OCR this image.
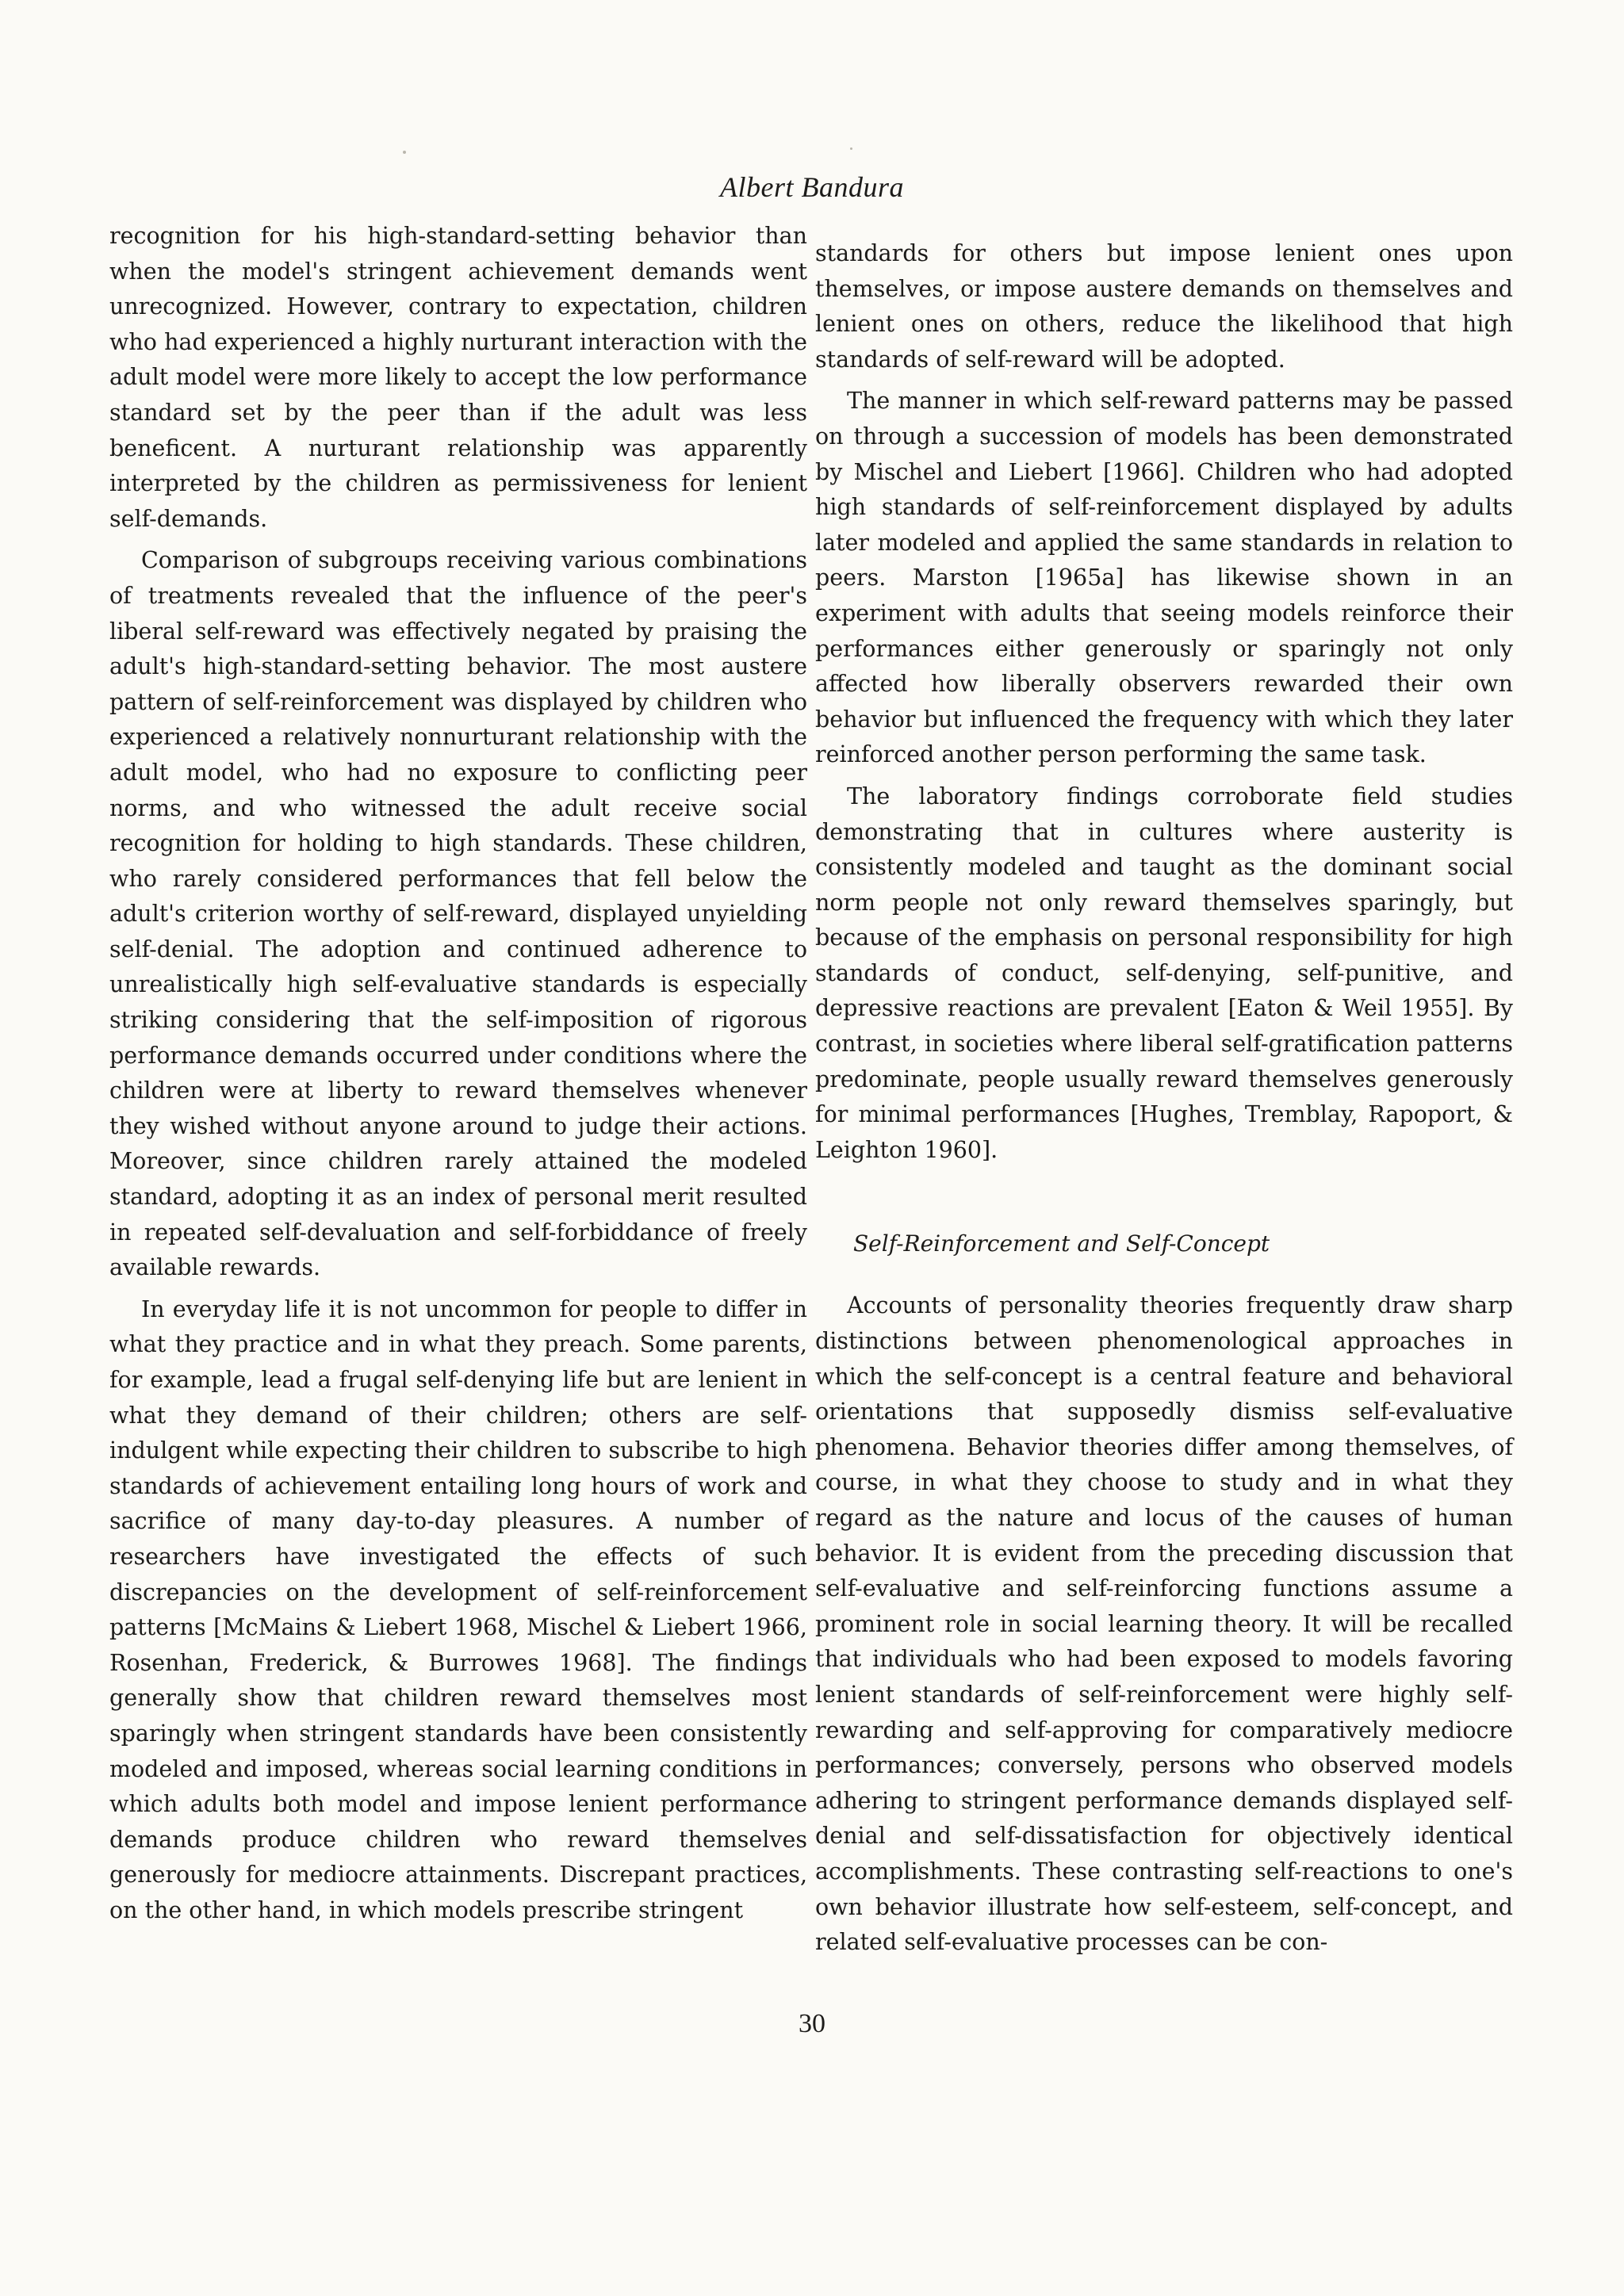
Albert Bandura

recognition for his high-standard-setting behavior than when the model's stringent achievement demands went unrecognized. However, contrary to expectation, children who had experienced a highly nurturant interaction with the adult model were more likely to accept the low performance standard set by the peer than if the adult was less beneficent. A nurturant relationship was apparently interpreted by the children as permissiveness for lenient self-demands.

Comparison of subgroups receiving various combinations of treatments revealed that the influence of the peer's liberal self-reward was effectively negated by praising the adult's high-standard-setting behavior. The most austere pattern of self-reinforcement was displayed by children who experienced a relatively nonnurturant relationship with the adult model, who had no exposure to conflicting peer norms, and who witnessed the adult receive social recognition for holding to high standards. These children, who rarely considered performances that fell below the adult's criterion worthy of self-reward, displayed unyielding self-denial. The adoption and continued adherence to unrealistically high self-evaluative standards is especially striking considering that the self-imposition of rigorous performance demands occurred under conditions where the children were at liberty to reward themselves whenever they wished without anyone around to judge their actions. Moreover, since children rarely attained the modeled standard, adopting it as an index of personal merit resulted in repeated self-devaluation and self-forbiddance of freely available rewards.

In everyday life it is not uncommon for people to differ in what they practice and in what they preach. Some parents, for example, lead a frugal self-denying life but are lenient in what they demand of their children; others are self-indulgent while expecting their children to subscribe to high standards of achievement entailing long hours of work and sacrifice of many day-to-day pleasures. A number of researchers have investigated the effects of such discrepancies on the development of self-reinforcement patterns [McMains & Liebert 1968, Mischel & Liebert 1966, Rosenhan, Frederick, & Burrowes 1968]. The findings generally show that children reward themselves most sparingly when stringent standards have been consistently modeled and imposed, whereas social learning conditions in which adults both model and impose lenient performance demands produce children who reward themselves generously for mediocre attainments. Discrepant practices, on the other hand, in which models prescribe stringent

standards for others but impose lenient ones upon themselves, or impose austere demands on themselves and lenient ones on others, reduce the likelihood that high standards of self-reward will be adopted.

The manner in which self-reward patterns may be passed on through a succession of models has been demonstrated by Mischel and Liebert [1966]. Children who had adopted high standards of self-reinforcement displayed by adults later modeled and applied the same standards in relation to peers. Marston [1965a] has likewise shown in an experiment with adults that seeing models reinforce their performances either generously or sparingly not only affected how liberally observers rewarded their own behavior but influenced the frequency with which they later reinforced another person performing the same task.

The laboratory findings corroborate field studies demonstrating that in cultures where austerity is consistently modeled and taught as the dominant social norm people not only reward themselves sparingly, but because of the emphasis on personal responsibility for high standards of conduct, self-denying, self-punitive, and depressive reactions are prevalent [Eaton & Weil 1955]. By contrast, in societies where liberal self-gratification patterns predominate, people usually reward themselves generously for minimal performances [Hughes, Tremblay, Rapoport, & Leighton 1960].

Self-Reinforcement and Self-Concept

Accounts of personality theories frequently draw sharp distinctions between phenomenological approaches in which the self-concept is a central feature and behavioral orientations that supposedly dismiss self-evaluative phenomena. Behavior theories differ among themselves, of course, in what they choose to study and in what they regard as the nature and locus of the causes of human behavior. It is evident from the preceding discussion that self-evaluative and self-reinforcing functions assume a prominent role in social learning theory. It will be recalled that individuals who had been exposed to models favoring lenient standards of self-reinforcement were highly self-rewarding and self-approving for comparatively mediocre performances; conversely, persons who observed models adhering to stringent performance demands displayed self-denial and self-dissatisfaction for objectively identical accomplishments. These contrasting self-reactions to one's own behavior illustrate how self-esteem, self-concept, and related self-evaluative processes can be con-

30
